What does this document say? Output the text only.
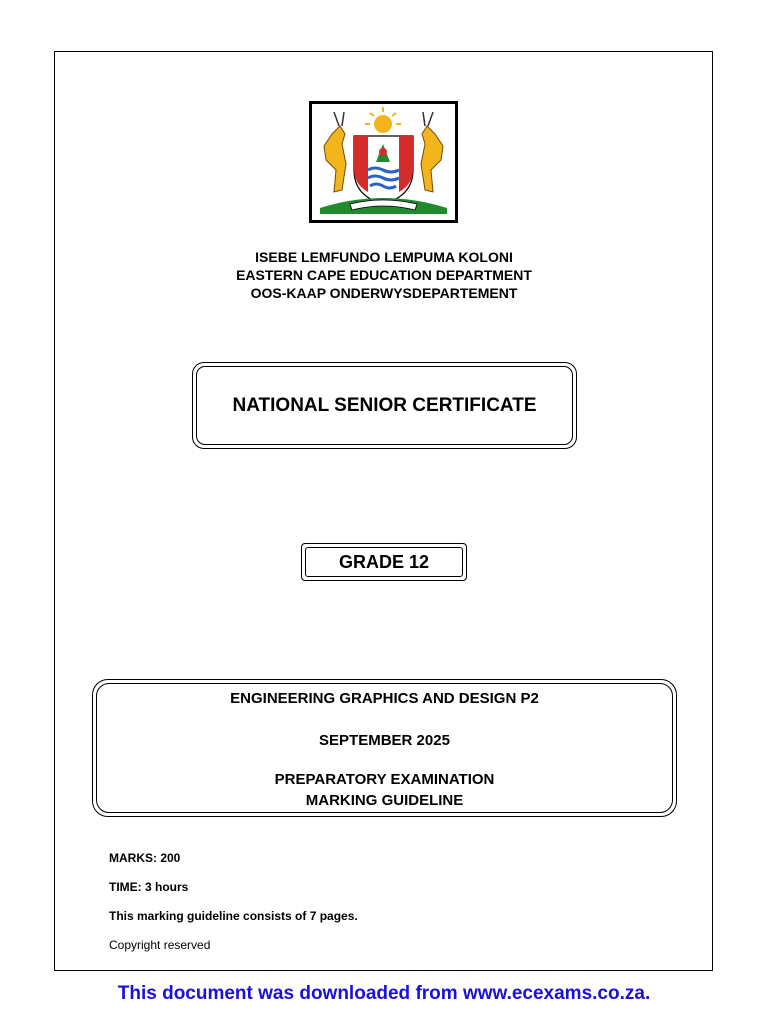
ISEBE LEMFUNDO LEMPUMA KOLONI
EASTERN CAPE EDUCATION DEPARTMENT
OOS-KAAP ONDERWYSDEPARTEMENT
NATIONAL SENIOR CERTIFICATE
GRADE 12
ENGINEERING GRAPHICS AND DESIGN P2
SEPTEMBER 2025
PREPARATORY EXAMINATION
MARKING GUIDELINE
MARKS: 200
TIME: 3 hours
This marking guideline consists of 7 pages.
Copyright reserved
This document was downloaded from www.ecexams.co.za.
